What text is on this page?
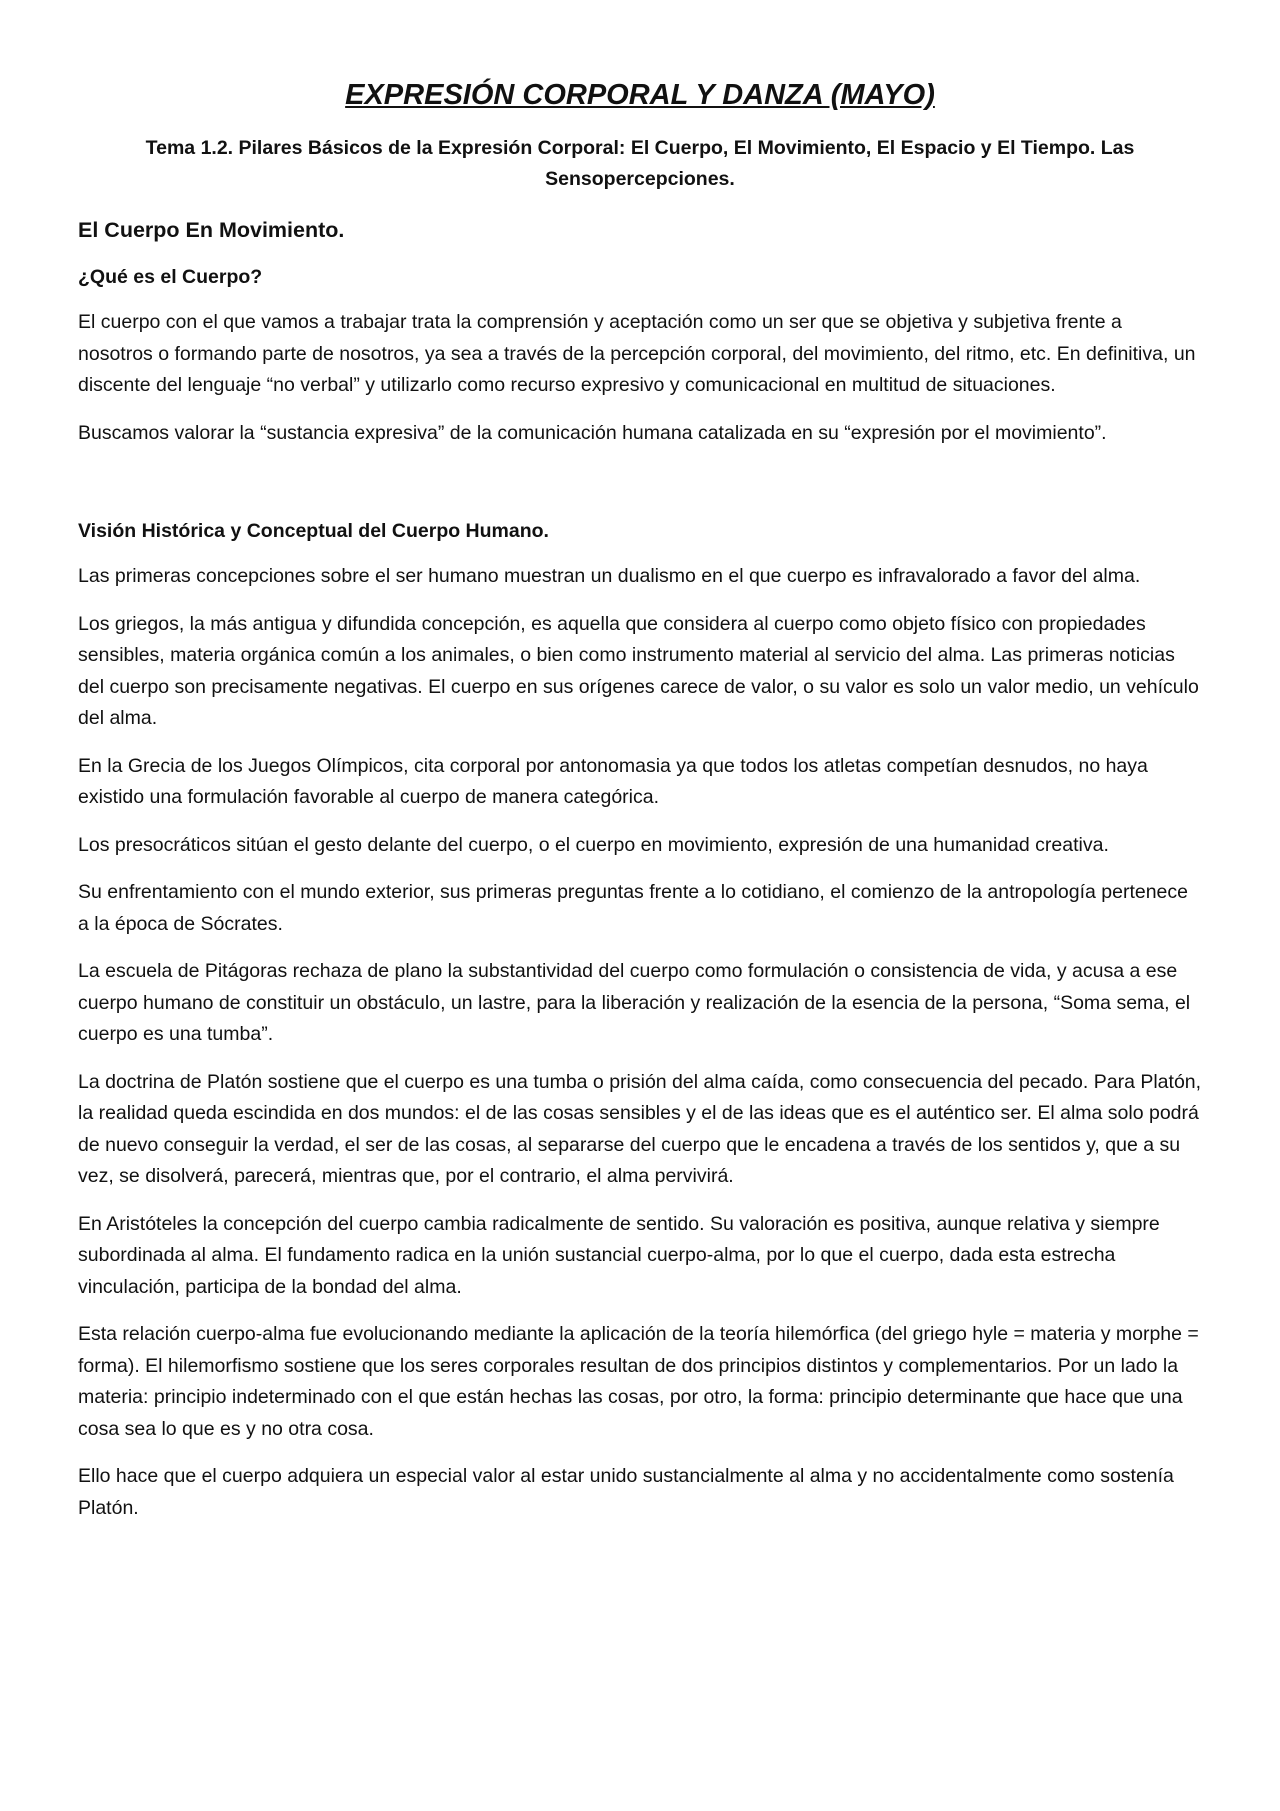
EXPRESIÓN CORPORAL Y DANZA (MAYO)
Tema 1.2. Pilares Básicos de la Expresión Corporal: El Cuerpo, El Movimiento, El Espacio y El Tiempo. Las Sensopercepciones.
El Cuerpo En Movimiento.
¿Qué es el Cuerpo?

El cuerpo con el que vamos a trabajar trata la comprensión y aceptación como un ser que se objetiva y subjetiva frente a nosotros o formando parte de nosotros, ya sea a través de la percepción corporal, del movimiento, del ritmo, etc. En definitiva, un discente del lenguaje “no verbal” y utilizarlo como recurso expresivo y comunicacional en multitud de situaciones.

Buscamos valorar la “sustancia expresiva” de la comunicación humana catalizada en su “expresión por el movimiento”.

Visión Histórica y Conceptual del Cuerpo Humano.

Las primeras concepciones sobre el ser humano muestran un dualismo en el que cuerpo es infravalorado a favor del alma.

Los griegos, la más antigua y difundida concepción, es aquella que considera al cuerpo como objeto físico con propiedades sensibles, materia orgánica común a los animales, o bien como instrumento material al servicio del alma. Las primeras noticias del cuerpo son precisamente negativas. El cuerpo en sus orígenes carece de valor, o su valor es solo un valor medio, un vehículo del alma.

En la Grecia de los Juegos Olímpicos, cita corporal por antonomasia ya que todos los atletas competían desnudos, no haya existido una formulación favorable al cuerpo de manera categórica.

Los presocráticos sitúan el gesto delante del cuerpo, o el cuerpo en movimiento, expresión de una humanidad creativa.

Su enfrentamiento con el mundo exterior, sus primeras preguntas frente a lo cotidiano, el comienzo de la antropología pertenece a la época de Sócrates.

La escuela de Pitágoras rechaza de plano la substantividad del cuerpo como formulación o consistencia de vida, y acusa a ese cuerpo humano de constituir un obstáculo, un lastre, para la liberación y realización de la esencia de la persona, “Soma sema, el cuerpo es una tumba”.

La doctrina de Platón sostiene que el cuerpo es una tumba o prisión del alma caída, como consecuencia del pecado. Para Platón, la realidad queda escindida en dos mundos: el de las cosas sensibles y el de las ideas que es el auténtico ser. El alma solo podrá de nuevo conseguir la verdad, el ser de las cosas, al separarse del cuerpo que le encadena a través de los sentidos y, que a su vez, se disolverá, parecerá, mientras que, por el contrario, el alma pervivirá.

En Aristóteles la concepción del cuerpo cambia radicalmente de sentido. Su valoración es positiva, aunque relativa y siempre subordinada al alma. El fundamento radica en la unión sustancial cuerpo-alma, por lo que el cuerpo, dada esta estrecha vinculación, participa de la bondad del alma.

Esta relación cuerpo-alma fue evolucionando mediante la aplicación de la teoría hilemórfica (del griego hyle = materia y morphe = forma). El hilemorfismo sostiene que los seres corporales resultan de dos principios distintos y complementarios. Por un lado la materia: principio indeterminado con el que están hechas las cosas, por otro, la forma: principio determinante que hace que una cosa sea lo que es y no otra cosa.

Ello hace que el cuerpo adquiera un especial valor al estar unido sustancialmente al alma y no accidentalmente como sostenía Platón.
